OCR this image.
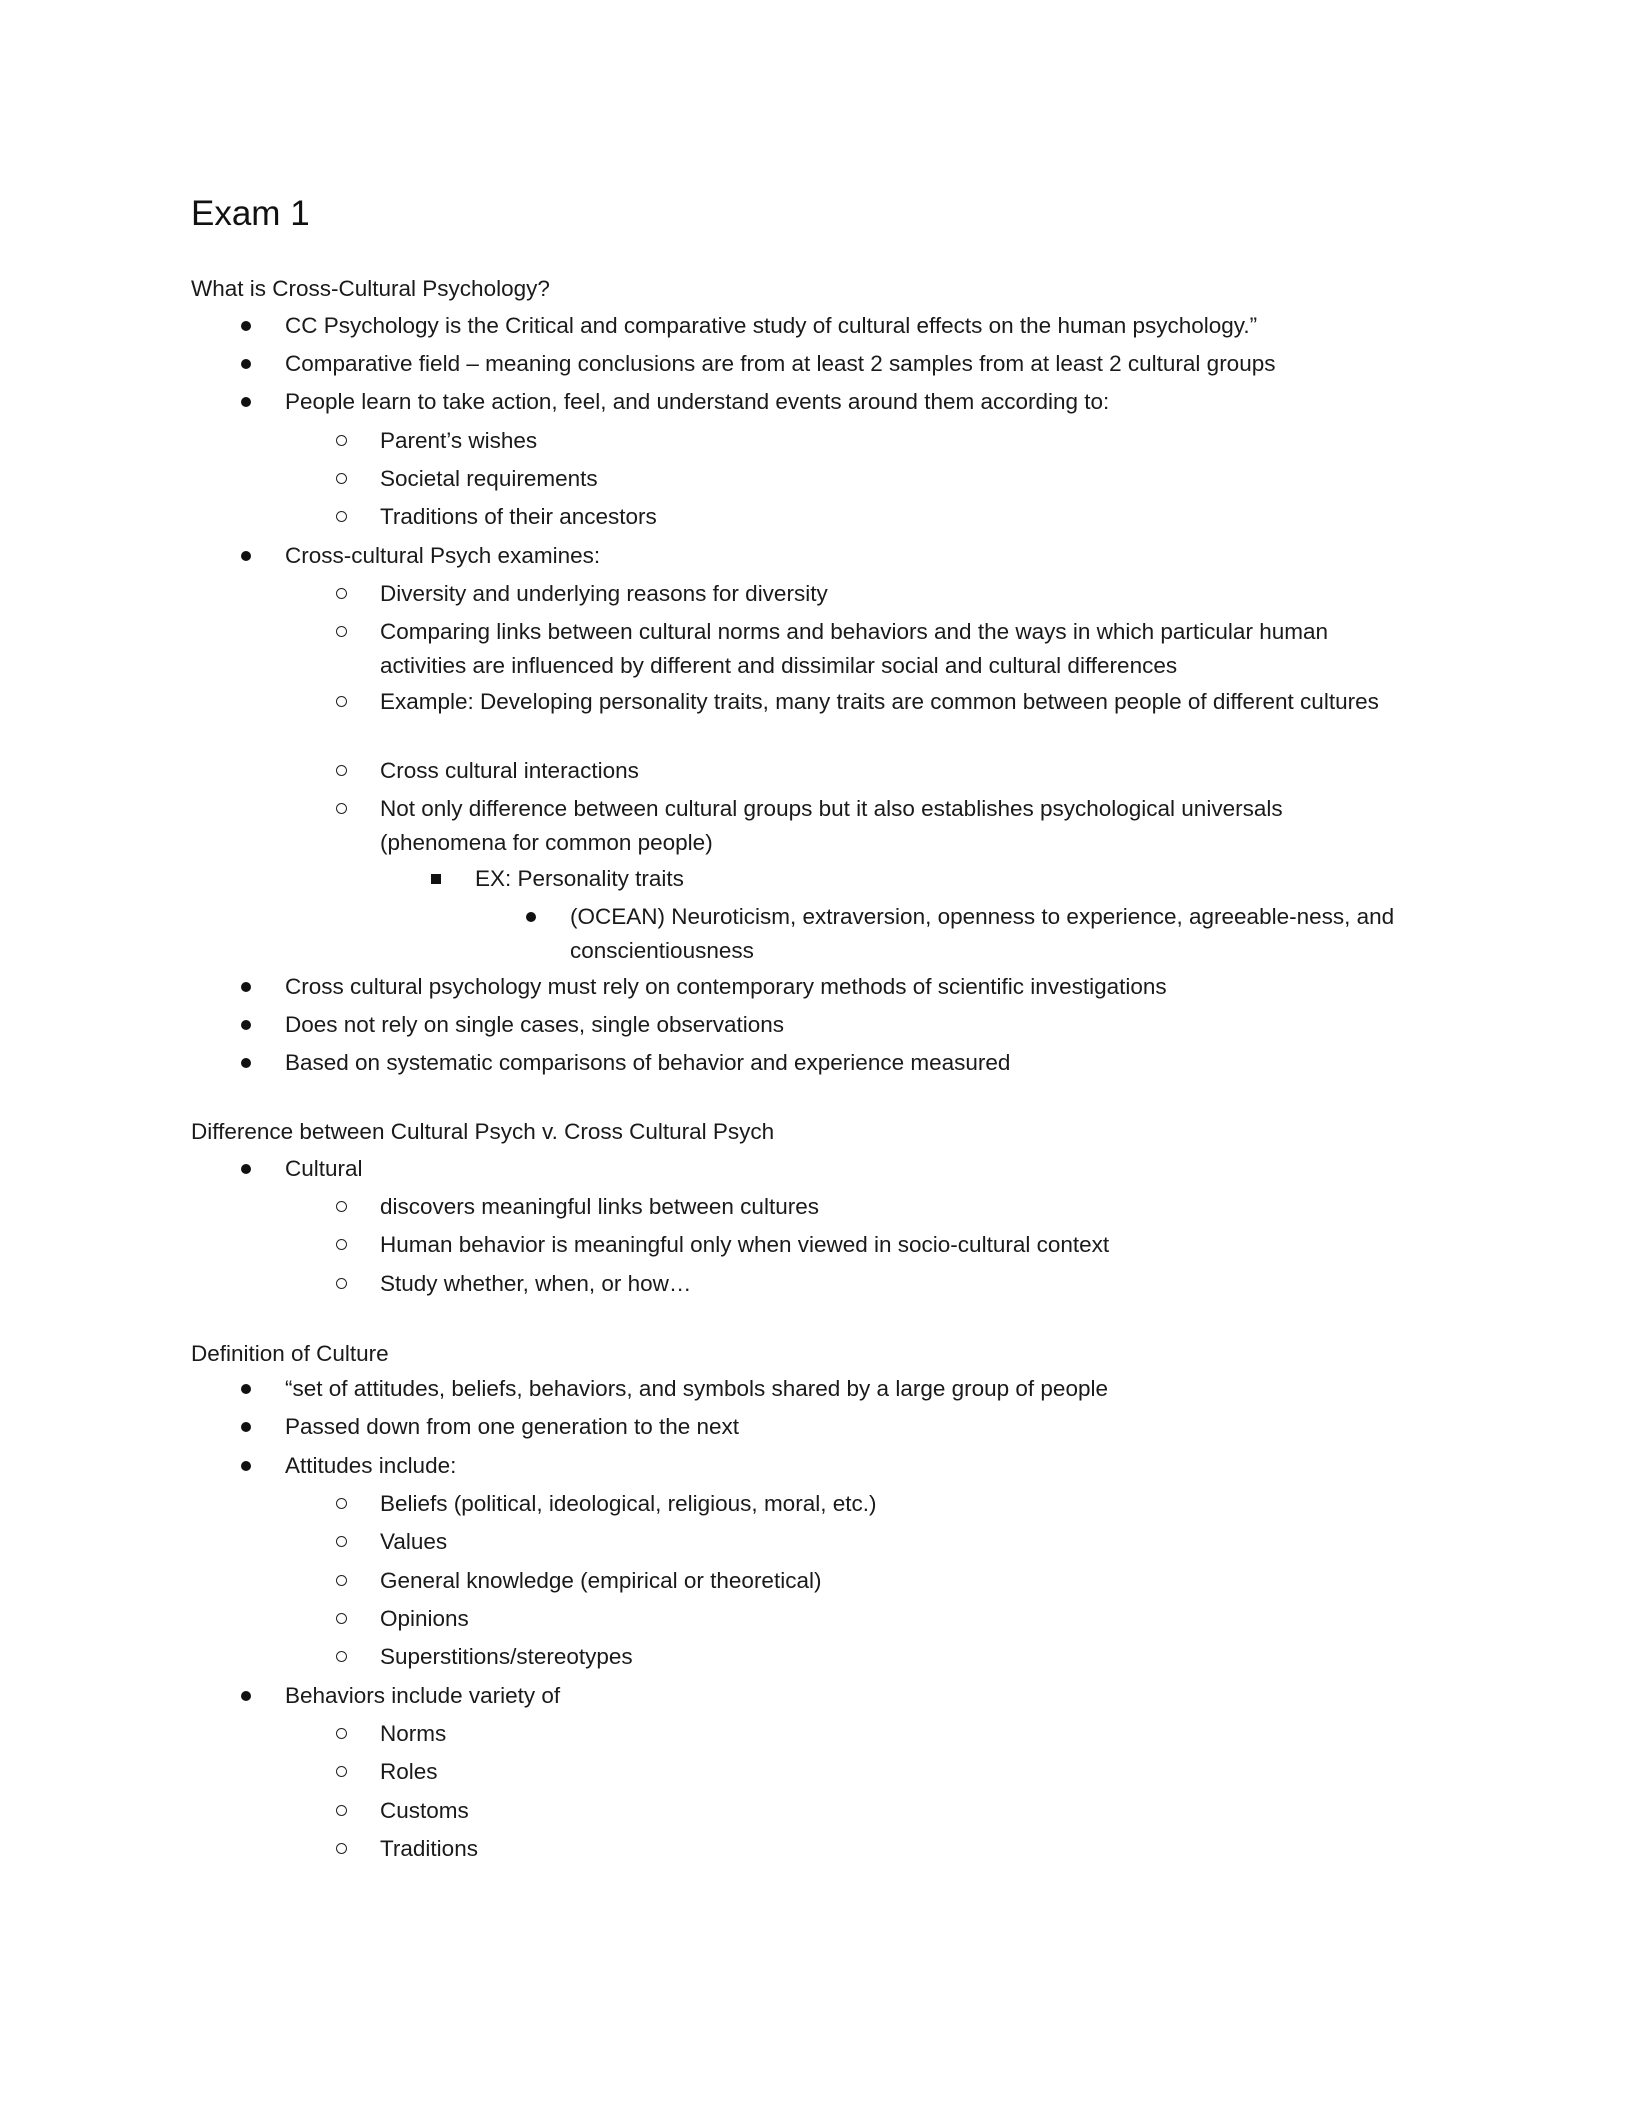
Exam 1
What is Cross-Cultural Psychology?
CC Psychology is the Critical and comparative study of cultural effects on the human psychology.”
Comparative field – meaning conclusions are from at least 2 samples from at least 2 cultural groups
People learn to take action, feel, and understand events around them according to:
Parent’s wishes
Societal requirements
Traditions of their ancestors
Cross-cultural Psych examines:
Diversity and underlying reasons for diversity
Comparing links between cultural norms and behaviors and the ways in which particular human activities are influenced by different and dissimilar social and cultural differences
Example: Developing personality traits, many traits are common between people of different cultures
Cross cultural interactions
Not only difference between cultural groups but it also establishes psychological universals (phenomena for common people)
EX: Personality traits
(OCEAN) Neuroticism, extraversion, openness to experience, agreeable-ness, and conscientiousness
Cross cultural psychology must rely on contemporary methods of scientific investigations
Does not rely on single cases, single observations
Based on systematic comparisons of behavior and experience measured
Difference between Cultural Psych v. Cross Cultural Psych
Cultural
discovers meaningful links between cultures
Human behavior is meaningful only when viewed in socio-cultural context
Study whether, when, or how…
Definition of Culture
“set of attitudes, beliefs, behaviors, and symbols shared by a large group of people
Passed down from one generation to the next
Attitudes include:
Beliefs (political, ideological, religious, moral, etc.)
Values
General knowledge (empirical or theoretical)
Opinions
Superstitions/stereotypes
Behaviors include variety of
Norms
Roles
Customs
Traditions
